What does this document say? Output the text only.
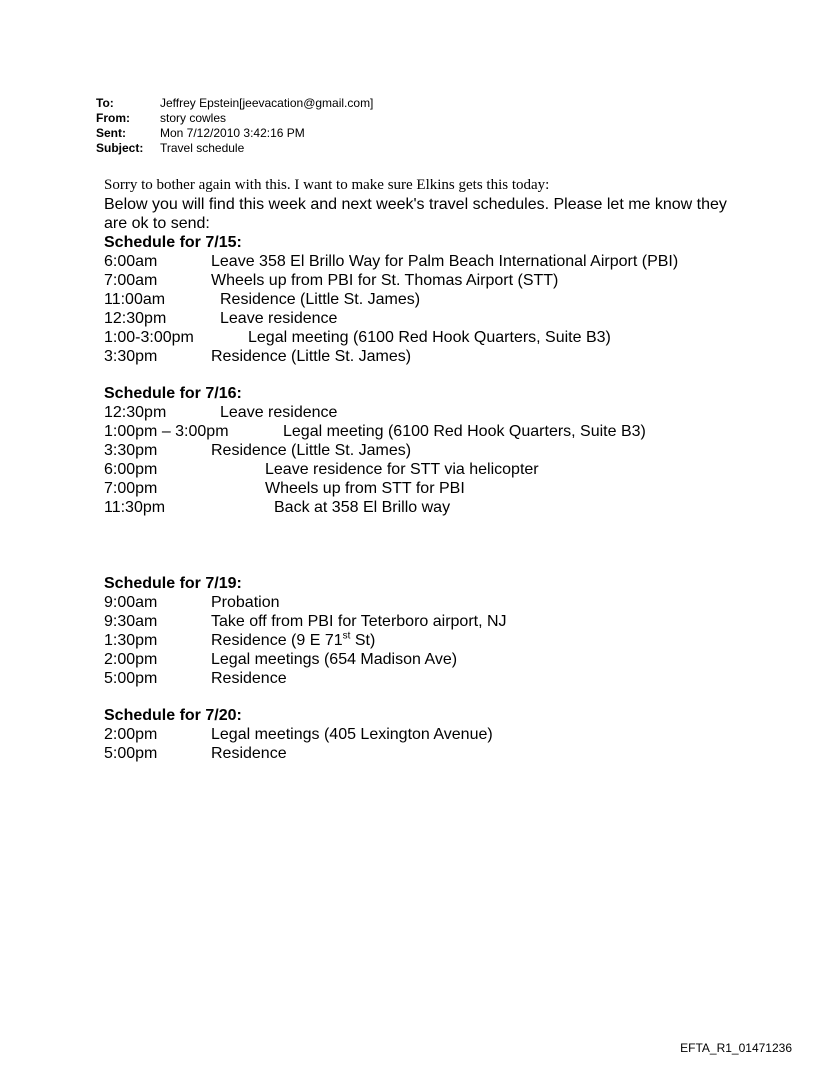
To:	Jeffrey Epstein[jeevacation@gmail.com]
From:	story cowles
Sent:	Mon 7/12/2010 3:42:16 PM
Subject:	Travel schedule
Sorry to bother again with this. I want to make sure Elkins gets this today:
Below you will find this week and next week's travel schedules. Please let me know they are ok to send:
Schedule for 7/15:
6:00am	Leave 358 El Brillo Way for Palm Beach International Airport (PBI)
7:00am	Wheels up from PBI for St. Thomas Airport (STT)
11:00am	Residence (Little St. James)
12:30pm	Leave residence
1:00-3:00pm	Legal meeting (6100 Red Hook Quarters, Suite B3)
3:30pm	Residence (Little St. James)
Schedule for 7/16:
12:30pm	Leave residence
1:00pm – 3:00pm	Legal meeting (6100 Red Hook Quarters, Suite B3)
3:30pm	Residence (Little St. James)
6:00pm	Leave residence for STT via helicopter
7:00pm	Wheels up from STT for PBI
11:30pm	Back at 358 El Brillo way
Schedule for 7/19:
9:00am	Probation
9:30am	Take off from PBI for Teterboro airport, NJ
1:30pm	Residence (9 E 71st St)
2:00pm	Legal meetings (654 Madison Ave)
5:00pm	Residence
Schedule for 7/20:
2:00pm	Legal meetings (405 Lexington Avenue)
5:00pm	Residence
EFTA_R1_01471236
